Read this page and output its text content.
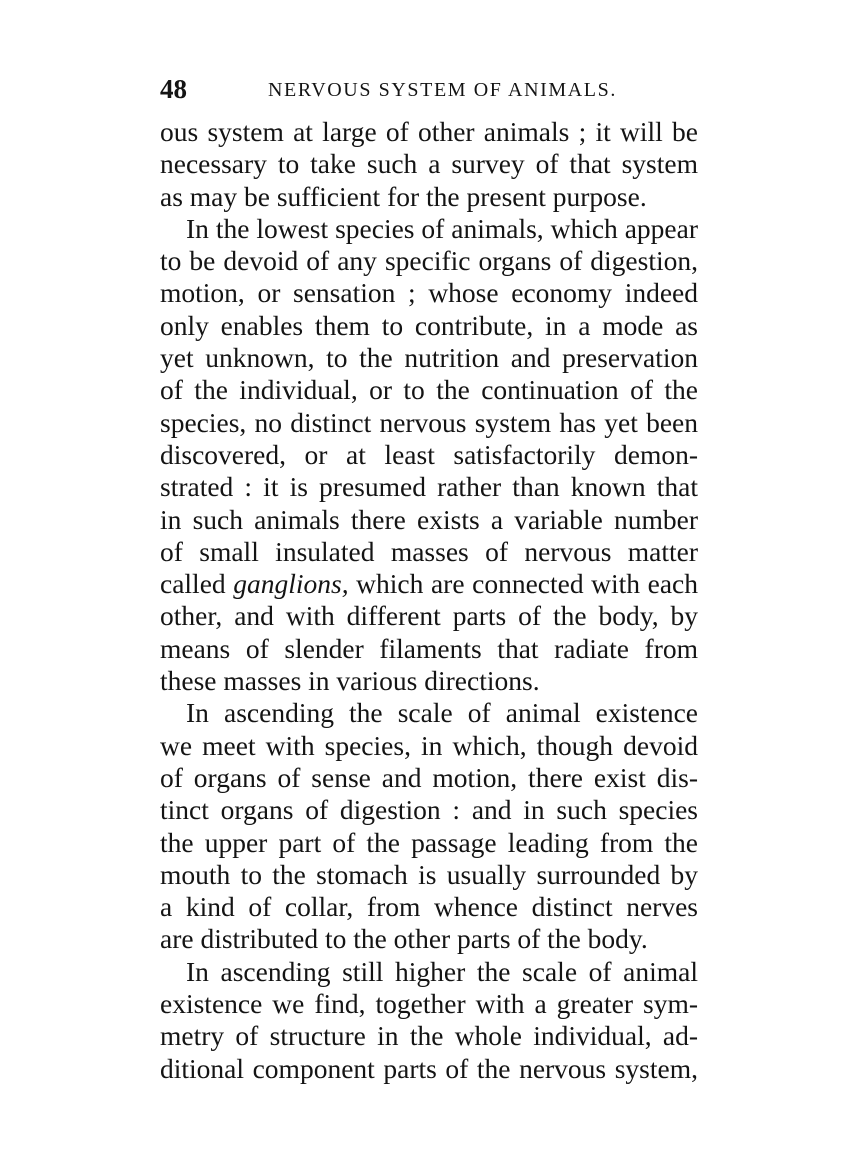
48	NERVOUS SYSTEM OF ANIMALS.
ous system at large of other animals ; it will be
necessary to take such a survey of that system
as may be sufficient for the present purpose.
In the lowest species of animals, which appear
to be devoid of any specific organs of digestion,
motion, or sensation ; whose economy indeed
only enables them to contribute, in a mode as
yet unknown, to the nutrition and preservation
of the individual, or to the continuation of the
species, no distinct nervous system has yet been
discovered, or at least satisfactorily demon-
strated : it is presumed rather than known that
in such animals there exists a variable number
of small insulated masses of nervous matter
called ganglions, which are connected with each
other, and with different parts of the body, by
means of slender filaments that radiate from
these masses in various directions.
In ascending the scale of animal existence
we meet with species, in which, though devoid
of organs of sense and motion, there exist dis-
tinct organs of digestion : and in such species
the upper part of the passage leading from the
mouth to the stomach is usually surrounded by
a kind of collar, from whence distinct nerves
are distributed to the other parts of the body.
In ascending still higher the scale of animal
existence we find, together with a greater sym-
metry of structure in the whole individual, ad-
ditional component parts of the nervous system,
